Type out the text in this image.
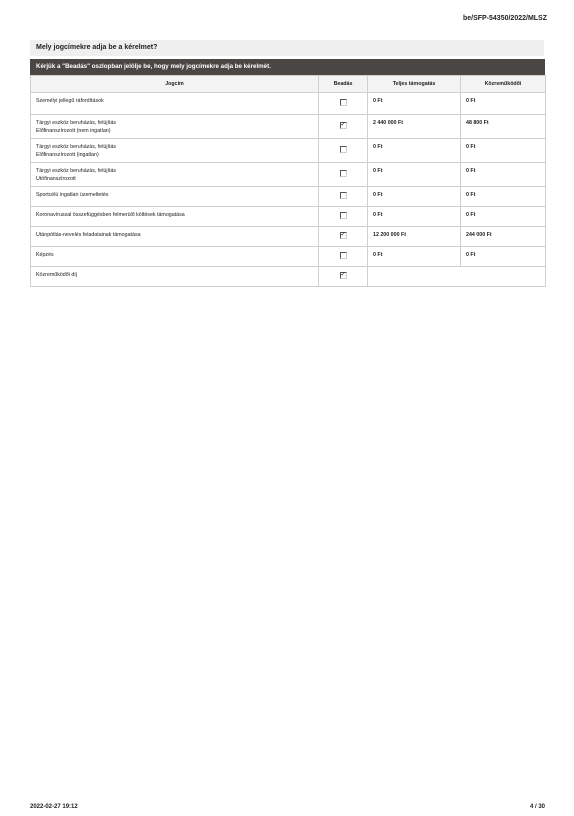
be/SFP-54350/2022/MLSZ
Mely jogcímekre adja be a kérelmet?
Kérjük a "Beadás" oszlopban jelölje be, hogy mely jogcímekre adja be kérelmét.
Jogcím	Beadás	Teljes támogatás	Közreműködői

Személyi jellegű ráfordítások		0 Ft	0 Ft

Tárgyi eszköz beruházás, felújítás
Előfinanszírozott (nem ingatlan)	✓	2 440 000 Ft	48 800 Ft

Tárgyi eszköz beruházás, felújítás
Előfinanszírozott (ingatlan)		0 Ft	0 Ft

Tárgyi eszköz beruházás, felújítás
Utófinanszírozott		0 Ft	0 Ft

Sportcélú ingatlan üzemeltetés		0 Ft	0 Ft

Koronavírussal összefüggésben felmerülő költések támogatása		0 Ft	0 Ft

Utánpótlás-nevelés feladatainak támogatása	✓	12 200 000 Ft	244 000 Ft

Képzés		0 Ft	0 Ft

Közreműködői díj	✓		

2022-02-27 19:12	4 / 30
